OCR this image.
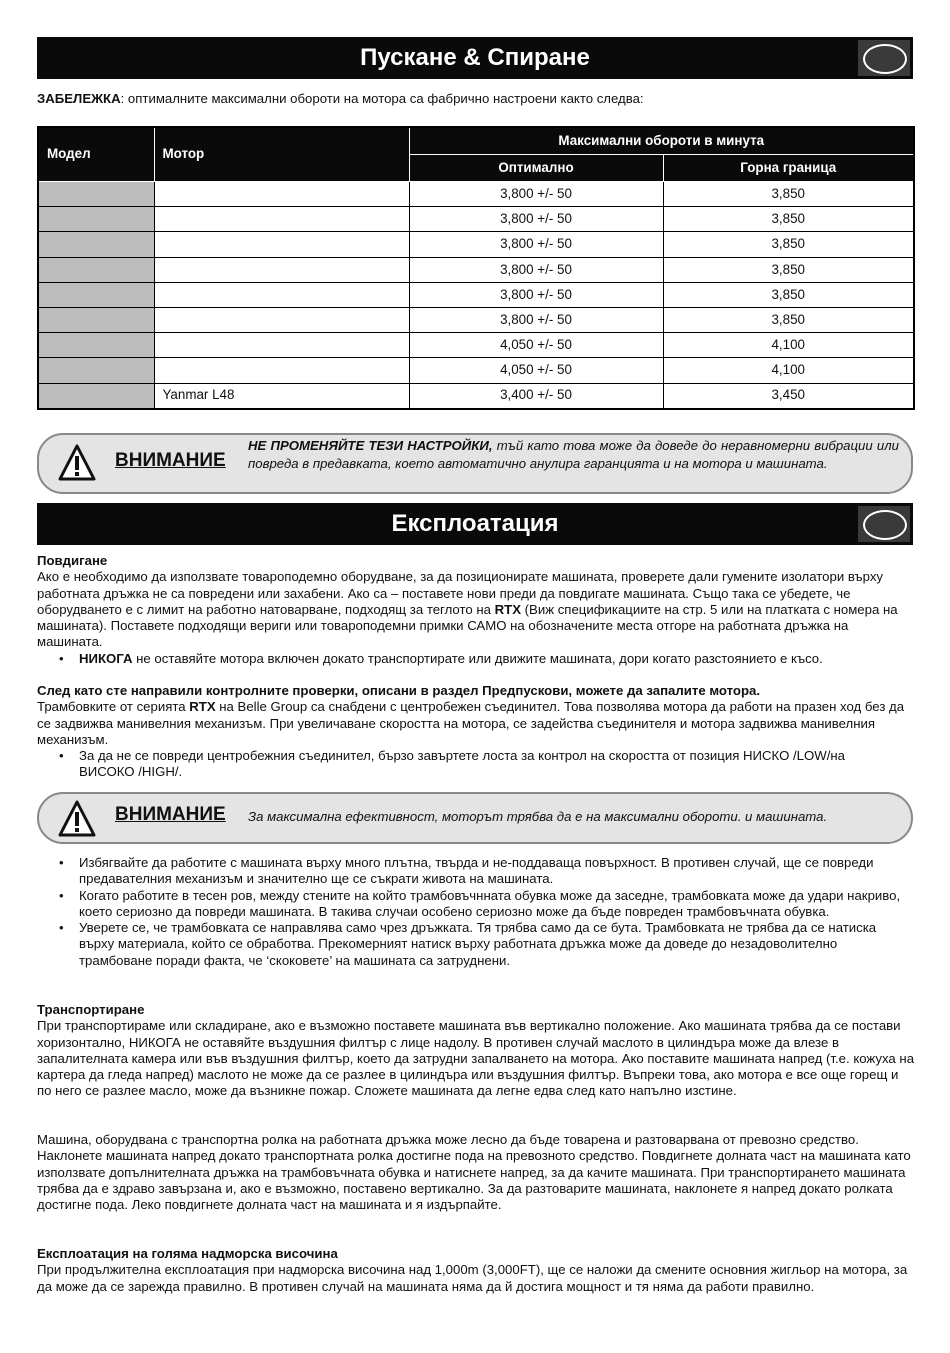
Пускане & Спиране
ЗАБЕЛЕЖКА: оптималните максимални обороти на мотора са фабрично настроени както следва:
Модел	Мотор	Максимални обороти в минута	
		Оптимално	Горна граница
		3,800 +/- 50	3,850
		3,800 +/- 50	3,850
		3,800 +/- 50	3,850
		3,800 +/- 50	3,850
		3,800 +/- 50	3,850
		3,800 +/- 50	3,850
		4,050 +/- 50	4,100
		4,050 +/- 50	4,100
	Yanmar L48	3,400 +/- 50	3,450
ВНИМАНИЕ
НЕ ПРОМЕНЯЙТЕ ТЕЗИ НАСТРОЙКИ, тъй като това може да доведе до неравномерни вибрации или повреда в предавката, което автоматично анулира гаранцията и на мотора и машината.
Експлоатация
Повдигане
Ако е необходимо да използвате товароподемно оборудване, за да позиционирате машината, проверете дали гумените изолатори върху работната дръжка не са повредени или захабени. Ако са – поставете нови преди да повдигате машината. Също така се убедете, че оборудването е с лимит на работно натоварване, подходящ за теглото на RTX (Виж спецификациите на стр. 5 или на платката с номера на машината). Поставете подходящи вериги или товароподемни примки САМО на обозначените места отгоре на работната дръжка на машината.
• НИКОГА не оставяйте мотора включен докато транспортирате или движите машината, дори когато разстоянието е късо.
След като сте направили контролните проверки, описани в раздел Предпускови, можете да запалите мотора.
Трамбовките от серията RTX на Belle Group са снабдени с центробежен съединител. Това позволява мотора да работи на празен ход без да се задвижва манивелния механизъм. При увеличаване скоростта на мотора, се задейства съединителя и мотора задвижва манивелния механизъм.
• За да не се повреди центробежния съединител, бързо завъртете лоста за контрол на скоростта от позиция НИСКО /LOW/на ВИСОКО /HIGH/.
ВНИМАНИЕ За максимална ефективност, моторът трябва да е на максимални обороти. и машината.
• Избягвайте да работите с машината върху много плътна, твърда и не-поддаваща повърхност. В противен случай, ще се повреди предавателния механизъм и значително ще се съкрати живота на машината.
• Когато работите в тесен ров, между стените на който трамбовъчнната обувка може да заседне, трамбовката може да удари накриво, което сериозно да повреди машината. В такива случаи особено сериозно може да бъде повреден трамбовъчната обувка.
• Уверете се, че трамбовката се направлява само чрез дръжката. Тя трябва само да се бута. Трамбовката не трябва да се натиска върху материала, който се обработва. Прекомерният натиск върху работната дръжка може да доведе до незадоволително трамбоване поради факта, че ‘скоковете’ на машината са затруднени.
Транспортиране
При транспортираме или складиране, ако е възможно поставете машината във вертикално положение. Ако машината трябва да се постави хоризонтално, НИКОГА не оставяйте въздушния филтър с лице надолу. В противен случай маслото в цилиндъра може да влезе в запалителната камера или във въздушния филтър, което да затрудни запалването на мотора. Ако поставите машината напред (т.е. кожуха на картера да гледа напред) маслото не може да се разлее в цилиндъра или въздушния филтър. Въпреки това, ако мотора е все още горещ и по него се разлее масло, може да възникне пожар. Сложете машината да легне едва след като напълно изстине.
Машина, оборудвана с транспортна ролка на работната дръжка може лесно да бъде товарена и разтоварвана от превозно средство. Наклонете машината напред докато транспортната ролка достигне пода на превозното средство. Повдигнете долната част на машината като използвате допълнителната дръжка на трамбовъчната обувка и натиснете напред, за да качите машината. При транспортирането машината трябва да е здраво завързана и, ако е възможно, поставено вертикално. За да разтоварите машината, наклонете я напред докато ролката достигне пода. Леко повдигнете долната част на машината и я издърпайте.
Експлоатация на голяма надморска височина
При продължителна експлоатация при надморска височина над 1,000m (3,000FT), ще се наложи да смените основния жигльор на мотора, за да може да се зарежда правилно. В противен случай на машината няма да й достига мощност и тя няма да работи правилно.
